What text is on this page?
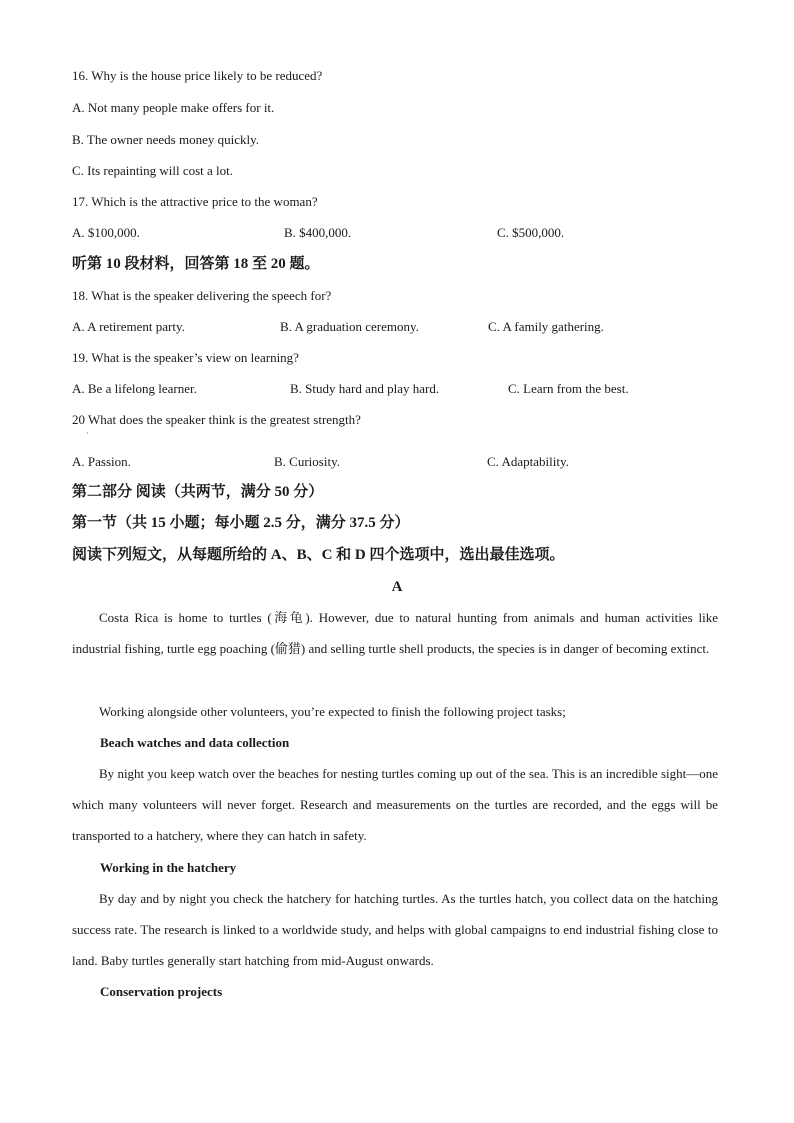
16. Why is the house price likely to be reduced?
A. Not many people make offers for it.
B. The owner needs money quickly.
C. Its repainting will cost a lot.
17. Which is the attractive price to the woman?
A. $100,000.	B. $400,000.	C. $500,000.
听第 10 段材料，回答第 18 至 20 题。
18. What is the speaker delivering the speech for?
A. A retirement party.	B. A graduation ceremony.	C. A family gathering.
19. What is the speaker’s view on learning?
A. Be a lifelong learner.	B. Study hard and play hard.	C. Learn from the best.
20 What does the speaker think is the greatest strength?
·
A. Passion.	B. Curiosity.	C. Adaptability.
第二部分 阅读（共两节，满分 50 分）
第一节（共 15 小题；每小题 2.5 分，满分 37.5 分）
阅读下列短文，从每题所给的 A、B、C 和 D 四个选项中，选出最佳选项。
A

Costa Rica is home to turtles (海龟). However, due to natural hunting from animals and human activities like industrial fishing, turtle egg poaching (偷猎) and selling turtle shell products, the species is in danger of becoming extinct.

Working alongside other volunteers, you’re expected to finish the following project tasks;

Beach watches and data collection

By night you keep watch over the beaches for nesting turtles coming up out of the sea. This is an incredible sight—one which many volunteers will never forget. Research and measurements on the turtles are recorded, and the eggs will be transported to a hatchery, where they can hatch in safety.

Working in the hatchery

By day and by night you check the hatchery for hatching turtles. As the turtles hatch, you collect data on the hatching success rate. The research is linked to a worldwide study, and helps with global campaigns to end industrial fishing close to land. Baby turtles generally start hatching from mid-August onwards.

Conservation projects
